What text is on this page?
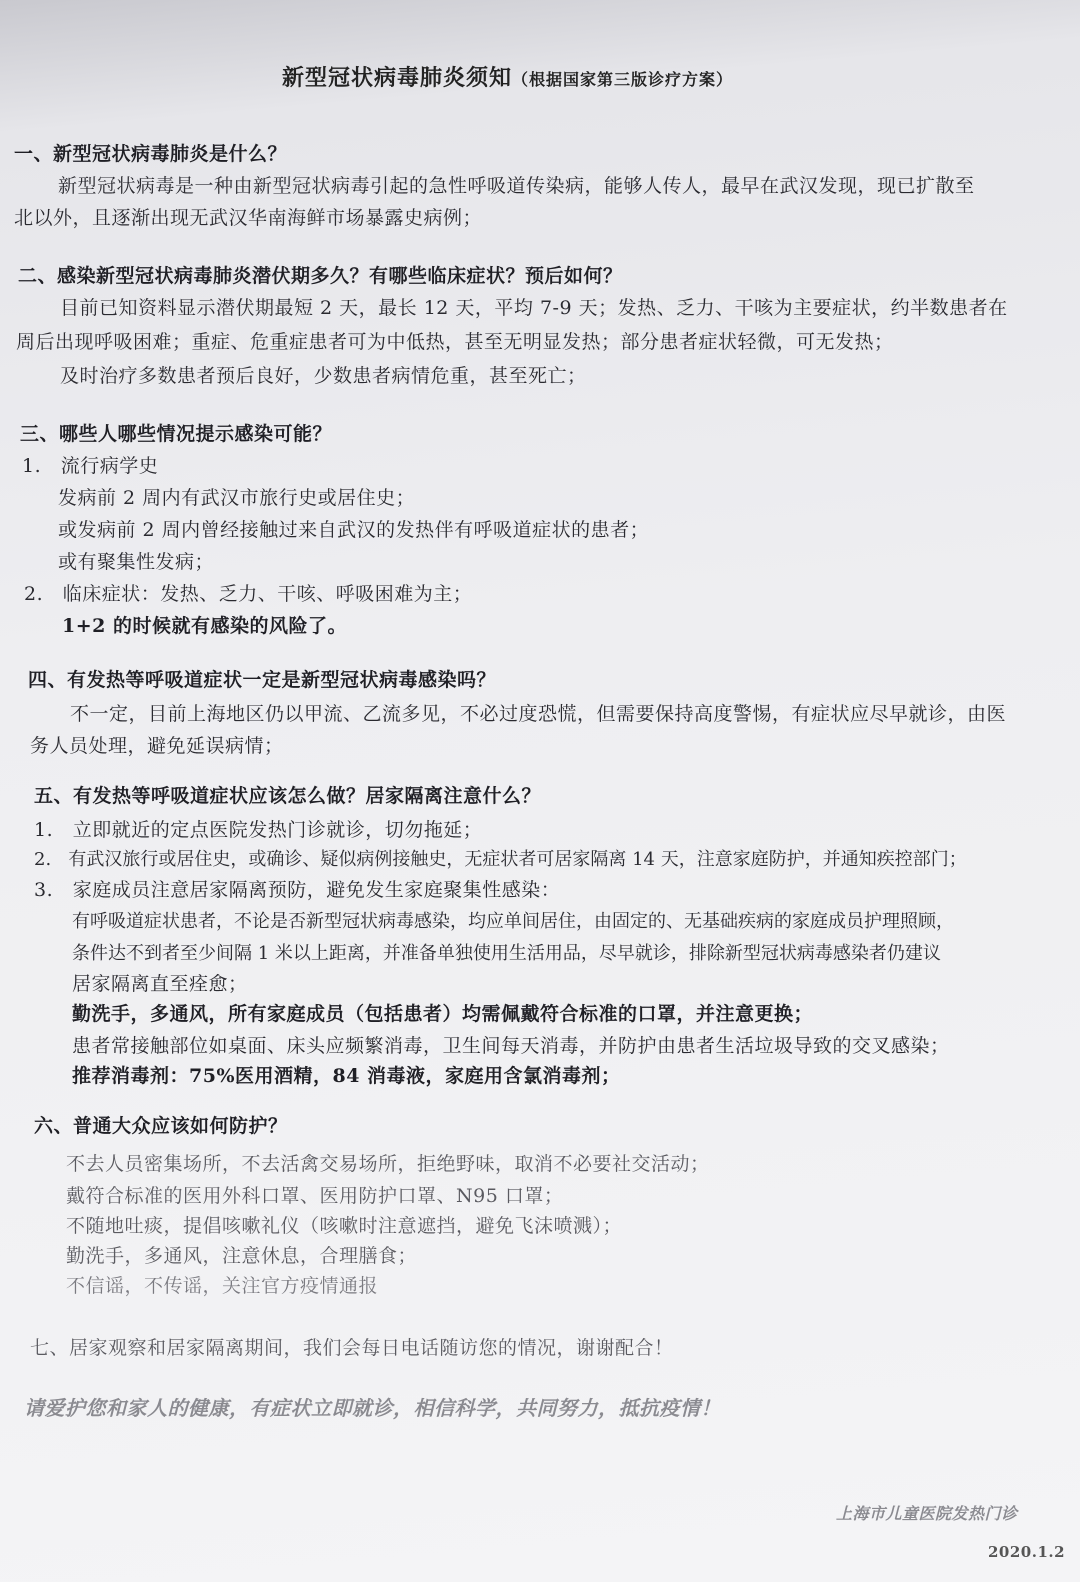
新型冠状病毒肺炎须知（根据国家第三版诊疗方案）
一、新型冠状病毒肺炎是什么？
新型冠状病毒是一种由新型冠状病毒引起的急性呼吸道传染病，能够人传人，最早在武汉发现，现已扩散至
北以外，且逐渐出现无武汉华南海鲜市场暴露史病例；
二、感染新型冠状病毒肺炎潜伏期多久？有哪些临床症状？预后如何？
目前已知资料显示潜伏期最短 2 天，最长 12 天，平均 7-9 天；发热、乏力、干咳为主要症状，约半数患者在
周后出现呼吸困难；重症、危重症患者可为中低热，甚至无明显发热；部分患者症状轻微，可无发热；
及时治疗多数患者预后良好，少数患者病情危重，甚至死亡；
三、哪些人哪些情况提示感染可能？
1. 流行病学史
发病前 2 周内有武汉市旅行史或居住史；
或发病前 2 周内曾经接触过来自武汉的发热伴有呼吸道症状的患者；
或有聚集性发病；
2. 临床症状：发热、乏力、干咳、呼吸困难为主；
1+2 的时候就有感染的风险了。
四、有发热等呼吸道症状一定是新型冠状病毒感染吗？
不一定，目前上海地区仍以甲流、乙流多见，不必过度恐慌，但需要保持高度警惕，有症状应尽早就诊，由医
务人员处理，避免延误病情；
五、有发热等呼吸道症状应该怎么做？居家隔离注意什么？
1. 立即就近的定点医院发热门诊就诊，切勿拖延；
2. 有武汉旅行或居住史，或确诊、疑似病例接触史，无症状者可居家隔离 14 天，注意家庭防护，并通知疾控部门；
3. 家庭成员注意居家隔离预防，避免发生家庭聚集性感染：
有呼吸道症状患者，不论是否新型冠状病毒感染，均应单间居住，由固定的、无基础疾病的家庭成员护理照顾，
条件达不到者至少间隔 1 米以上距离，并准备单独使用生活用品，尽早就诊，排除新型冠状病毒感染者仍建议
居家隔离直至痊愈；
勤洗手，多通风，所有家庭成员（包括患者）均需佩戴符合标准的口罩，并注意更换；
患者常接触部位如桌面、床头应频繁消毒，卫生间每天消毒，并防护由患者生活垃圾导致的交叉感染；
推荐消毒剂：75%医用酒精，84 消毒液，家庭用含氯消毒剂；
六、普通大众应该如何防护？
不去人员密集场所，不去活禽交易场所，拒绝野味，取消不必要社交活动；
戴符合标准的医用外科口罩、医用防护口罩、N95 口罩；
不随地吐痰，提倡咳嗽礼仪（咳嗽时注意遮挡，避免飞沫喷溅）；
勤洗手，多通风，注意休息，合理膳食；
不信谣，不传谣，关注官方疫情通报
七、居家观察和居家隔离期间，我们会每日电话随访您的情况，谢谢配合！
请爱护您和家人的健康，有症状立即就诊，相信科学，共同努力，抵抗疫情！
上海市儿童医院发热门诊
2020.1.2
